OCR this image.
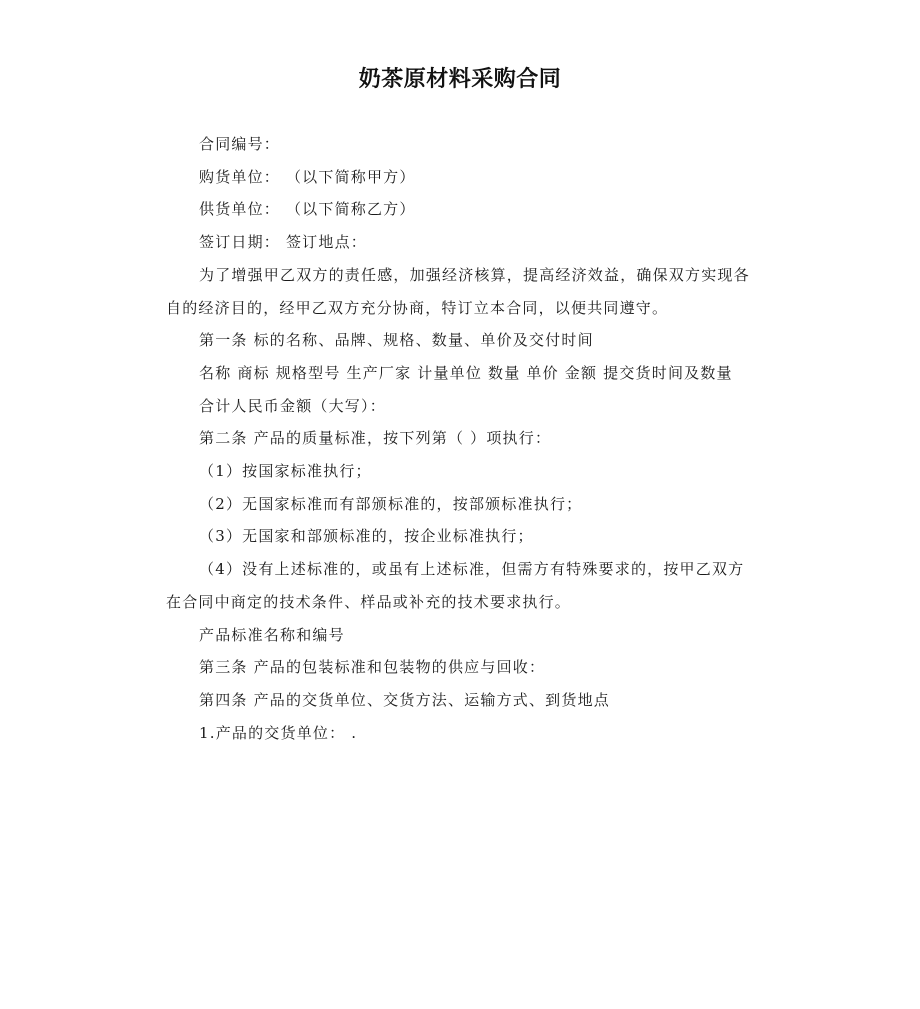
奶茶原材料采购合同

合同编号：

购货单位： （以下简称甲方）

供货单位： （以下简称乙方）

签订日期： 签订地点：

为了增强甲乙双方的责任感，加强经济核算，提高经济效益，确保双方实现各自的经济目的，经甲乙双方充分协商，特订立本合同，以便共同遵守。

第一条 标的名称、品牌、规格、数量、单价及交付时间

名称 商标 规格型号 生产厂家 计量单位 数量 单价 金额 提交货时间及数量

合计人民币金额（大写）：

第二条 产品的质量标准，按下列第（ ）项执行：

（1）按国家标准执行；

（2）无国家标准而有部颁标准的，按部颁标准执行；

（3）无国家和部颁标准的，按企业标准执行；

（4）没有上述标准的，或虽有上述标准，但需方有特殊要求的，按甲乙双方在合同中商定的技术条件、样品或补充的技术要求执行。

产品标准名称和编号

第三条 产品的包装标准和包装物的供应与回收：

第四条 产品的交货单位、交货方法、运输方式、到货地点

1.产品的交货单位： .
